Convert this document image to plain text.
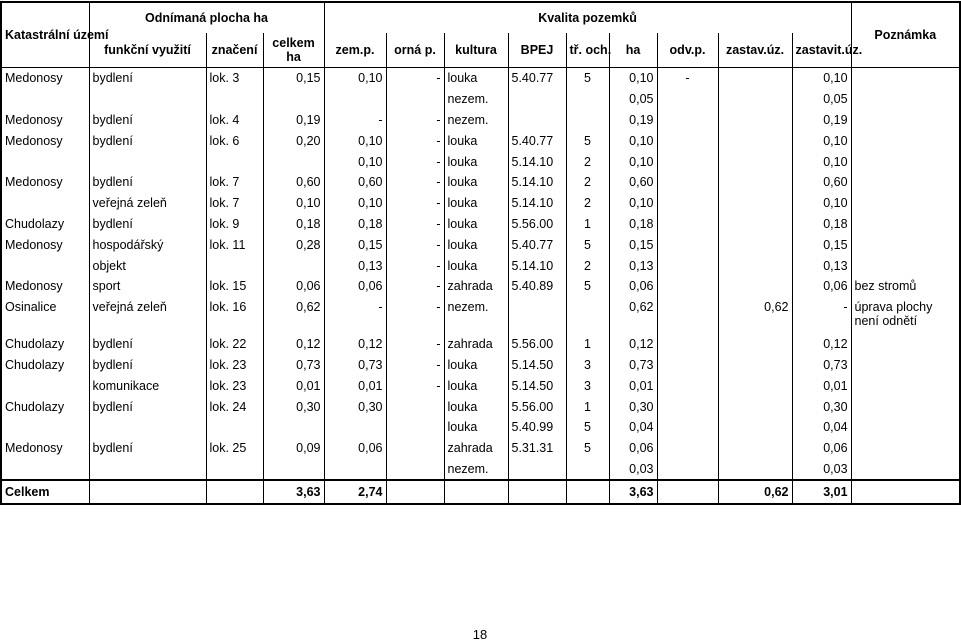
Katastrální území	Odnímaná plocha ha			Kvalita pozemků									Poznámka
	funkční využití	značení	celkem ha	zem.p.	orná p.	kultura	BPEJ	tř. och.	ha	odv.p.	zastav.úz.	zastavit.úz.	
Medonosy	bydlení	lok. 3	0,15	0,10	-	louka	5.40.77	5	0,10	-		0,10	
						nezem.			0,05			0,05	
Medonosy	bydlení	lok. 4	0,19	-	-	nezem.			0,19			0,19	
Medonosy	bydlení	lok. 6	0,20	0,10	-	louka	5.40.77	5	0,10			0,10	
				0,10	-	louka	5.14.10	2	0,10			0,10	
Medonosy	bydlení	lok. 7	0,60	0,60	-	louka	5.14.10	2	0,60			0,60	
	veřejná zeleň	lok. 7	0,10	0,10	-	louka	5.14.10	2	0,10			0,10	
Chudolazy	bydlení	lok. 9	0,18	0,18	-	louka	5.56.00	1	0,18			0,18	
Medonosy	hospodářský	lok. 11	0,28	0,15	-	louka	5.40.77	5	0,15			0,15	
	objekt			0,13	-	louka	5.14.10	2	0,13			0,13	
Medonosy	sport	lok. 15	0,06	0,06	-	zahrada	5.40.89	5	0,06			0,06	bez stromů
Osinalice	veřejná zeleň	lok. 16	0,62	-	-	nezem.			0,62		0,62	-	úprava plochy není odnětí
Chudolazy	bydlení	lok. 22	0,12	0,12	-	zahrada	5.56.00	1	0,12			0,12	
Chudolazy	bydlení	lok. 23	0,73	0,73	-	louka	5.14.50	3	0,73			0,73	
	komunikace	lok. 23	0,01	0,01	-	louka	5.14.50	3	0,01			0,01	
Chudolazy	bydlení	lok. 24	0,30	0,30		louka	5.56.00	1	0,30			0,30	
						louka	5.40.99	5	0,04			0,04	
Medonosy	bydlení	lok. 25	0,09	0,06		zahrada	5.31.31	5	0,06			0,06	
						nezem.			0,03			0,03	
Celkem			3,63	2,74					3,63		0,62	3,01	
18
